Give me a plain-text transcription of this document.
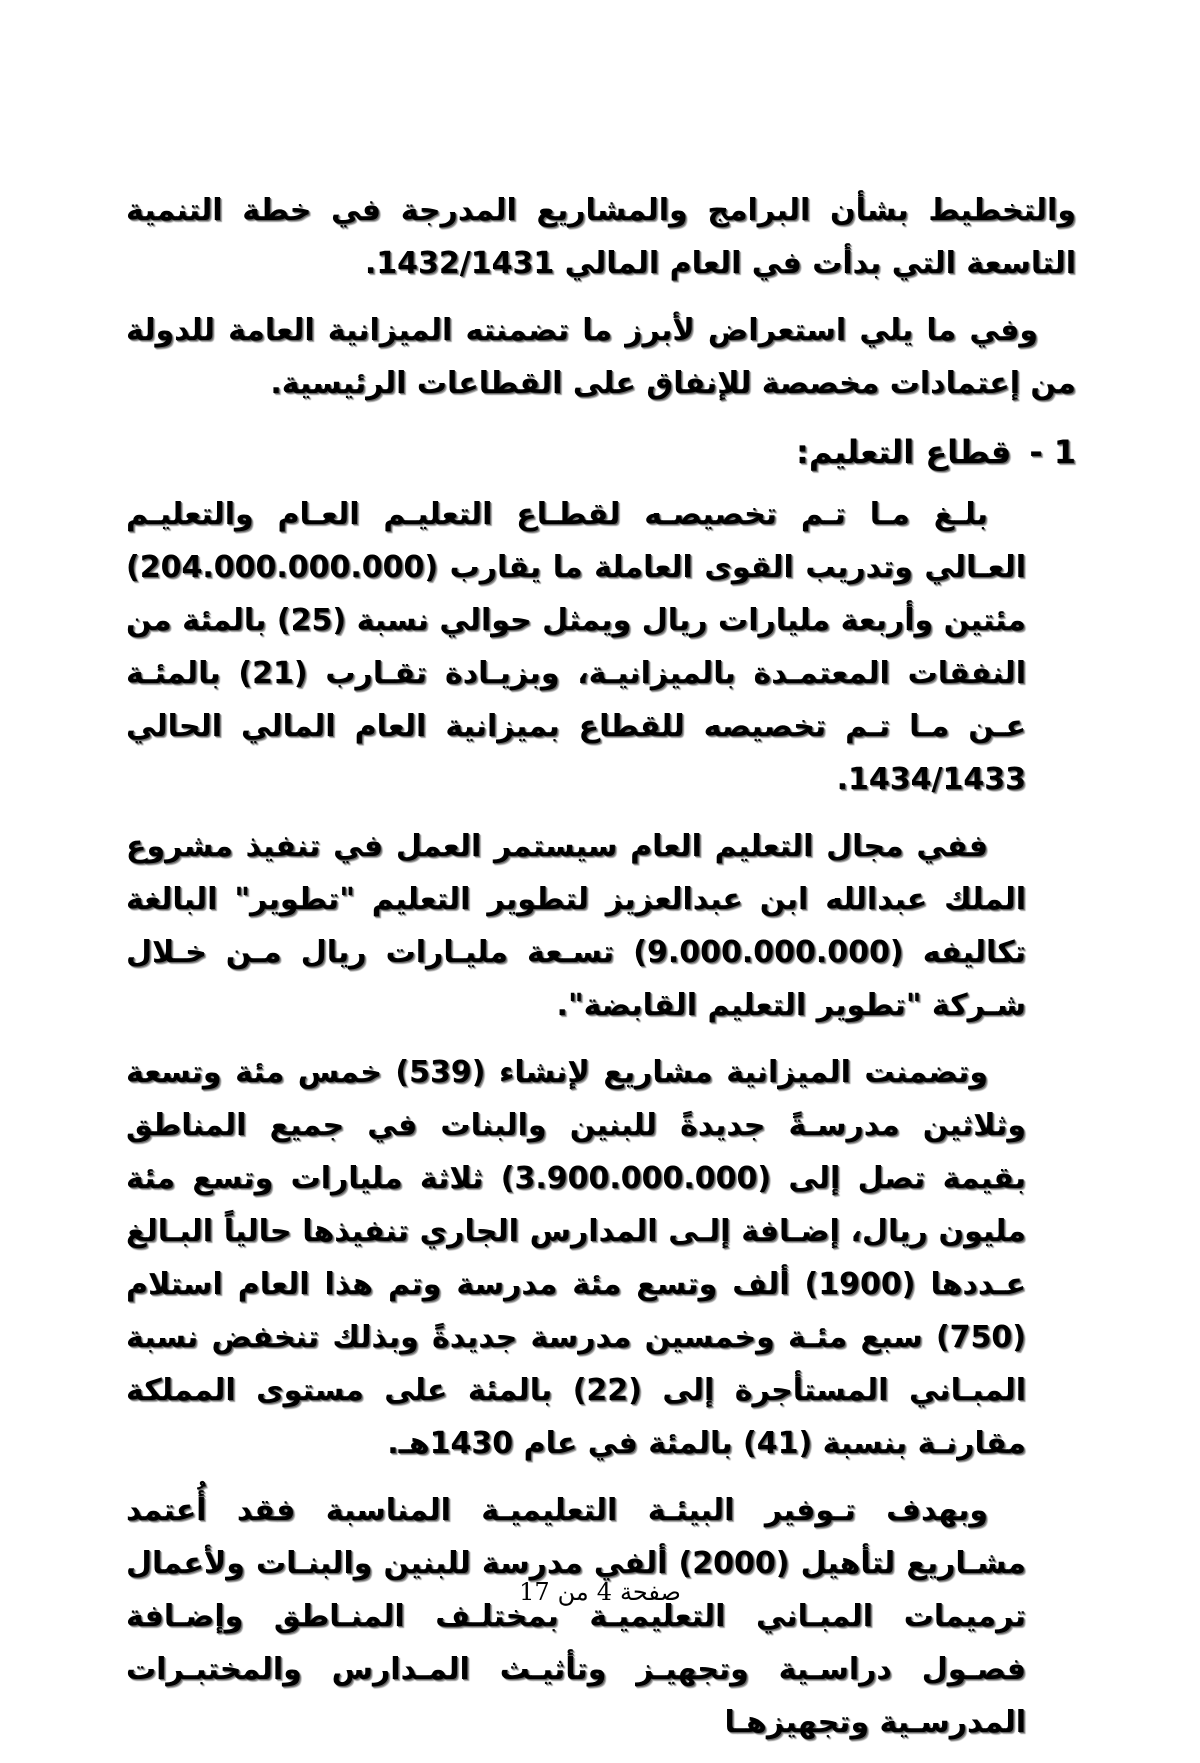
والتخطيط بشأن البرامج والمشاريع المدرجة في خطة التنمية التاسعة التي بدأت في العام المالي 1432/1431.

وفي ما يلي استعراض لأبرز ما تضمنته الميزانية العامة للدولة من إعتمادات مخصصة للإنفاق على القطاعات الرئيسية.

1 -قطاع التعليم:

بلـغ مـا تـم تخصيصـه لقطـاع التعليـم العـام والتعليـم العـالي وتدريب القوى العاملة ما يقارب (204.000.000.000) مئتين وأربعة مليارات ريال ويمثل حوالي نسبة (25) بالمئة من النفقات المعتمـدة بالميزانيـة، وبزيـادة تقـارب (21) بالمئـة عـن مـا تـم تخصيصه للقطاع بميزانية العام المالي الحالي 1434/1433.

ففي مجال التعليم العام سيستمر العمل في تنفيذ مشروع الملك عبدالله ابن عبدالعزيز لتطوير التعليم "تطوير" البالغة تكاليفه (9.000.000.000) تسـعة مليـارات ريال مـن خـلال شـركة "تطوير التعليم القابضة".

وتضمنت الميزانية مشاريع لإنشاء (539) خمس مئة وتسعة وثلاثين مدرسـةً جديدةً للبنين والبنات في جميع المناطق بقيمة تصل إلى (3.900.000.000) ثلاثة مليارات وتسع مئة مليون ريال، إضـافة إلـى المدارس الجاري تنفيذها حالياً البـالغ عـددها (1900) ألف وتسع مئة مدرسة وتم هذا العام استلام (750) سبع مئـة وخمسين مدرسة جديدةً وبذلك تنخفض نسبة المبـاني المستأجرة إلى (22) بالمئة على مستوى المملكة مقارنـة بنسبة (41) بالمئة في عام 1430هـ.

وبهدف تـوفير البيئـة التعليميـة المناسبة فقد أُعتمد مشـاريع لتأهيل (2000) ألفي مدرسة للبنين والبنـات ولأعمال ترميمات المبـاني التعليميـة بمختلـف المنـاطق وإضـافة فصـول دراسـية وتجهيـز وتأثيـث المـدارس والمختبـرات المدرسـية وتجهيزهـا

صفحة4من17
